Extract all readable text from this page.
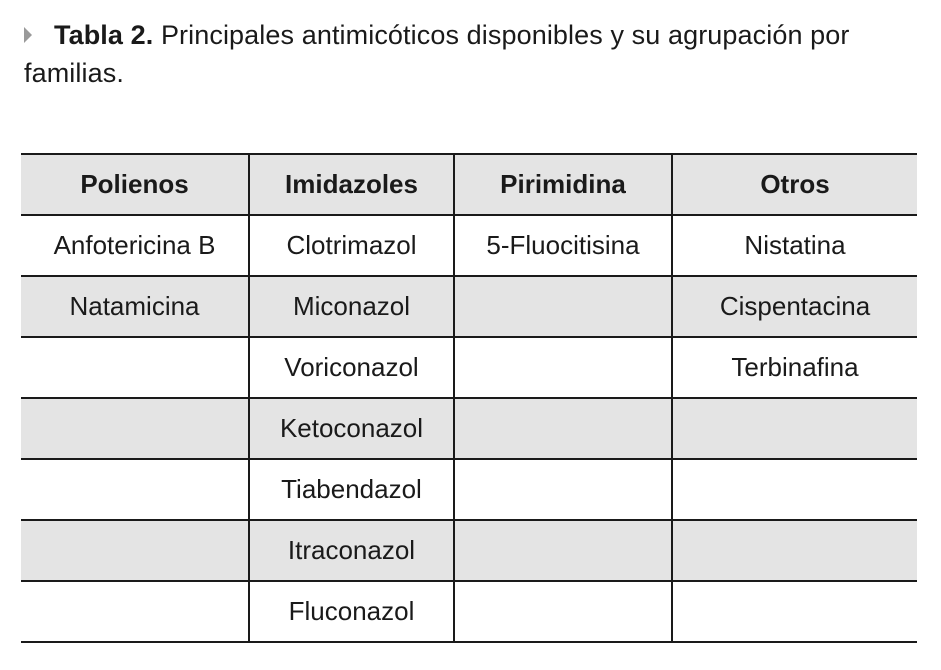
Tabla 2. Principales antimicóticos disponibles y su agrupación por familias.
Polienos	Imidazoles	Pirimidina	Otros
Anfotericina B	Clotrimazol	5-Fluocitisina	Nistatina
Natamicina	Miconazol		Cispentacina
	Voriconazol		Terbinafina
	Ketoconazol		
	Tiabendazol		
	Itraconazol		
	Fluconazol		
